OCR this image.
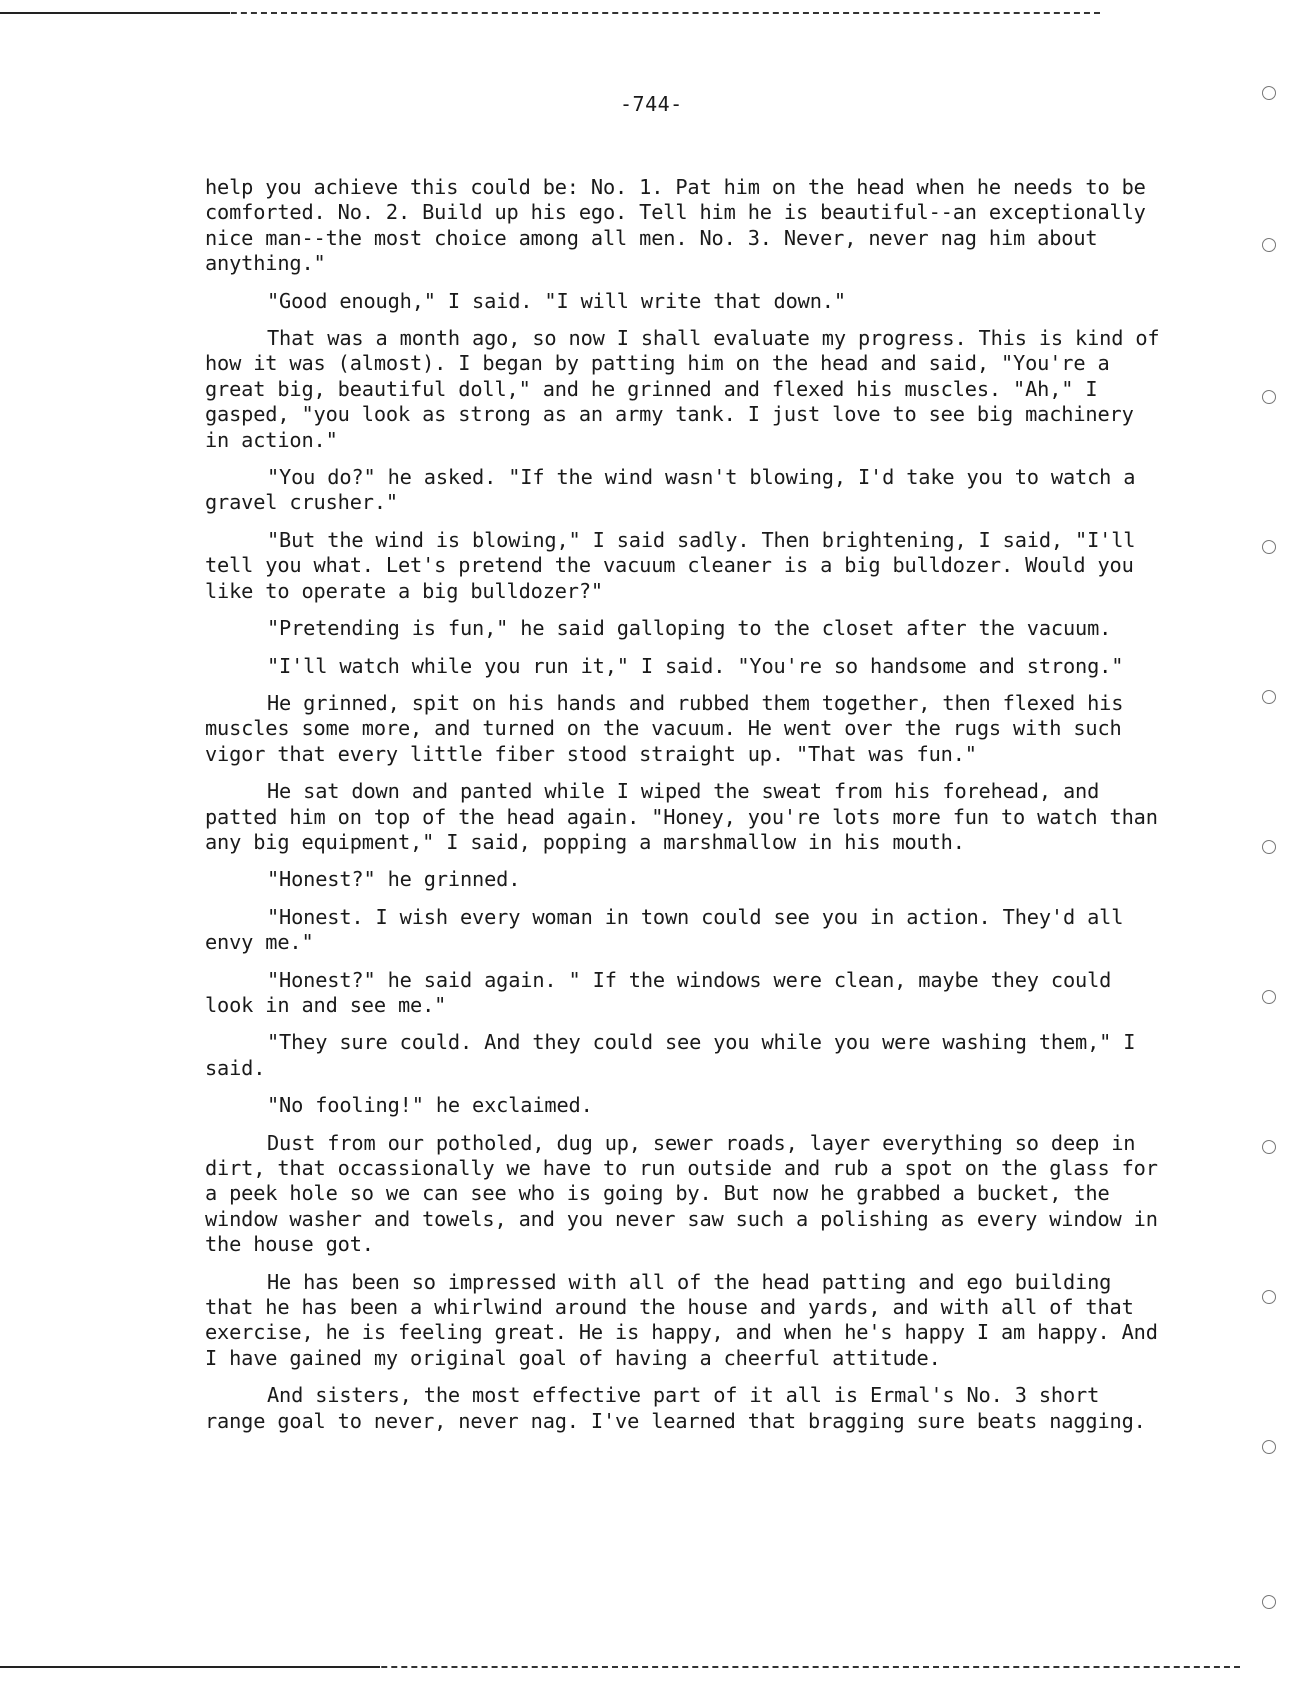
-744-

help you achieve this could be: No. 1. Pat him on the head when he needs to be comforted. No. 2. Build up his ego. Tell him he is beautiful--an exceptionally nice man--the most choice among all men. No. 3. Never, never nag him about anything."

"Good enough," I said. "I will write that down."

That was a month ago, so now I shall evaluate my progress. This is kind of how it was (almost). I began by patting him on the head and said, "You're a great big, beautiful doll," and he grinned and flexed his muscles. "Ah," I gasped, "you look as strong as an army tank. I just love to see big machinery in action."

"You do?" he asked. "If the wind wasn't blowing, I'd take you to watch a gravel crusher."

"But the wind is blowing," I said sadly. Then brightening, I said, "I'll tell you what. Let's pretend the vacuum cleaner is a big bulldozer. Would you like to operate a big bulldozer?"

"Pretending is fun," he said galloping to the closet after the vacuum.

"I'll watch while you run it," I said. "You're so handsome and strong."

He grinned, spit on his hands and rubbed them together, then flexed his muscles some more, and turned on the vacuum. He went over the rugs with such vigor that every little fiber stood straight up. "That was fun."

He sat down and panted while I wiped the sweat from his forehead, and patted him on top of the head again. "Honey, you're lots more fun to watch than any big equipment," I said, popping a marshmallow in his mouth.

"Honest?" he grinned.

"Honest. I wish every woman in town could see you in action. They'd all envy me."

"Honest?" he said again. " If the windows were clean, maybe they could look in and see me."

"They sure could. And they could see you while you were washing them," I said.

"No fooling!" he exclaimed.

Dust from our potholed, dug up, sewer roads, layer everything so deep in dirt, that occassionally we have to run outside and rub a spot on the glass for a peek hole so we can see who is going by. But now he grabbed a bucket, the window washer and towels, and you never saw such a polishing as every window in the house got.

He has been so impressed with all of the head patting and ego building that he has been a whirlwind around the house and yards, and with all of that exercise, he is feeling great. He is happy, and when he's happy I am happy. And I have gained my original goal of having a cheerful attitude.

And sisters, the most effective part of it all is Ermal's No. 3 short range goal to never, never nag. I've learned that bragging sure beats nagging.
